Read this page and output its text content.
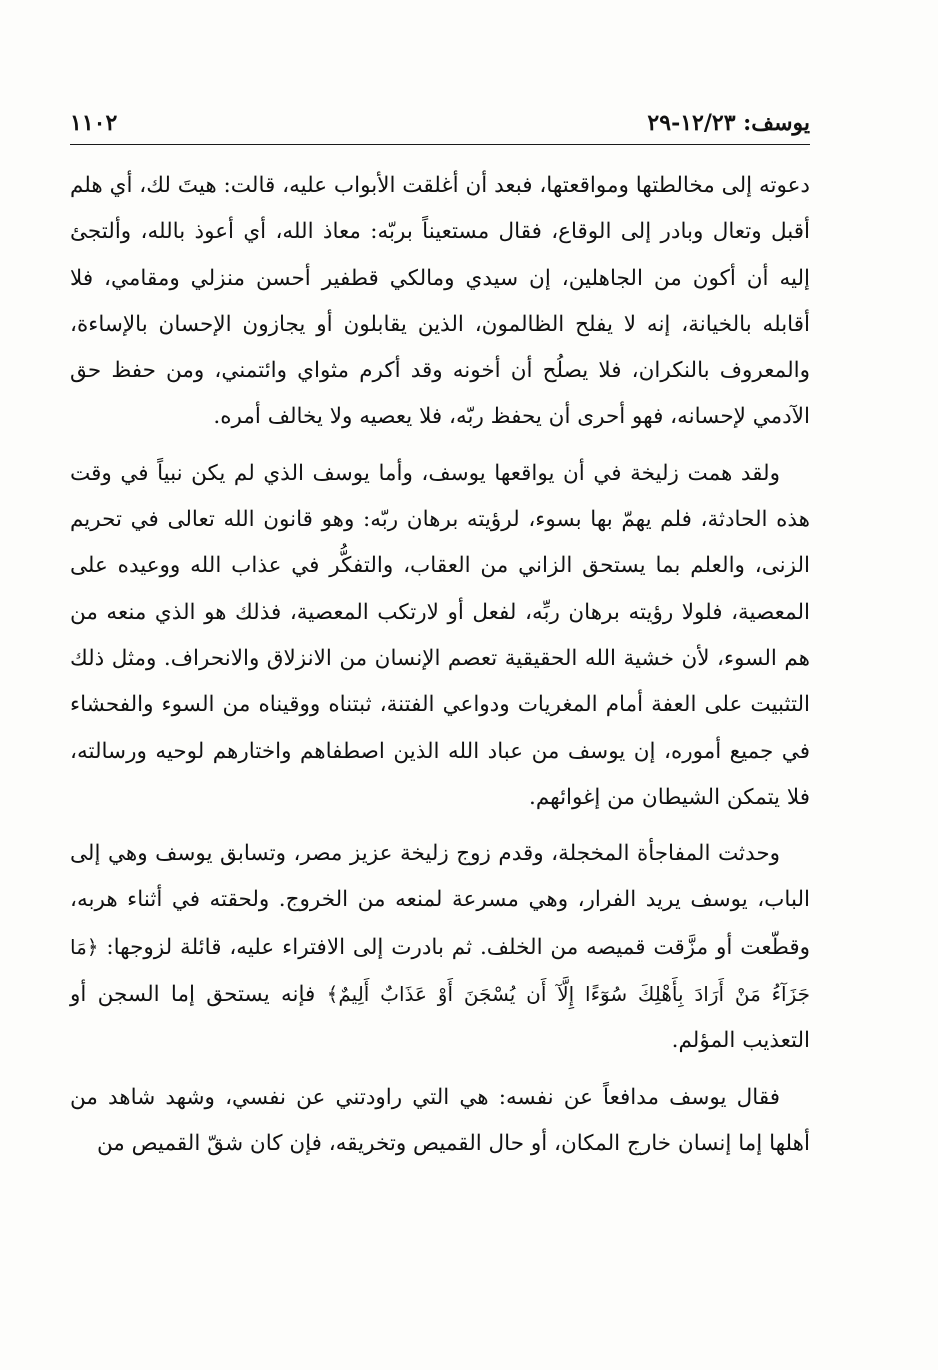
يوسف: ١٢/٢٣-٢٩
١١٠٢

دعوته إلى مخالطتها ومواقعتها، فبعد أن أغلقت الأبواب عليه، قالت: هيتَ لك، أي هلم أقبل وتعال وبادر إلى الوقاع، فقال مستعيناً بربّه: معاذ الله، أي أعوذ بالله، وألتجئ إليه أن أكون من الجاهلين، إن سيدي ومالكي قطفير أحسن منزلي ومقامي، فلا أقابله بالخيانة، إنه لا يفلح الظالمون، الذين يقابلون أو يجازون الإحسان بالإساءة، والمعروف بالنكران، فلا يصلُح أن أخونه وقد أكرم مثواي وائتمني، ومن حفظ حق الآدمي لإحسانه، فهو أحرى أن يحفظ ربّه، فلا يعصيه ولا يخالف أمره.

ولقد همت زليخة في أن يواقعها يوسف، وأما يوسف الذي لم يكن نبياً في وقت هذه الحادثة، فلم يهمّ بها بسوء، لرؤيته برهان ربّه: وهو قانون الله تعالى في تحريم الزنى، والعلم بما يستحق الزاني من العقاب، والتفكُّر في عذاب الله ووعيده على المعصية، فلولا رؤيته برهان ربِّه، لفعل أو لارتكب المعصية، فذلك هو الذي منعه من هم السوء، لأن خشية الله الحقيقية تعصم الإنسان من الانزلاق والانحراف. ومثل ذلك التثبيت على العفة أمام المغريات ودواعي الفتنة، ثبتناه ووقيناه من السوء والفحشاء في جميع أموره، إن يوسف من عباد الله الذين اصطفاهم واختارهم لوحيه ورسالته، فلا يتمكن الشيطان من إغوائهم.

وحدثت المفاجأة المخجلة، وقدم زوج زليخة عزيز مصر، وتسابق يوسف وهي إلى الباب، يوسف يريد الفرار، وهي مسرعة لمنعه من الخروج. ولحقته في أثناء هربه، وقطّعت أو مزَّقت قميصه من الخلف. ثم بادرت إلى الافتراء عليه، قائلة لزوجها: ﴿مَا جَزَآءُ مَنْ أَرَادَ بِأَهْلِكَ سُوٓءًا إِلَّآ أَن يُسْجَنَ أَوْ عَذَابٌ أَلِيمٌ﴾ فإنه يستحق إما السجن أو التعذيب المؤلم.

فقال يوسف مدافعاً عن نفسه: هي التي راودتني عن نفسي، وشهد شاهد من أهلها إما إنسان خارج المكان، أو حال القميص وتخريقه، فإن كان شقّ القميص من
